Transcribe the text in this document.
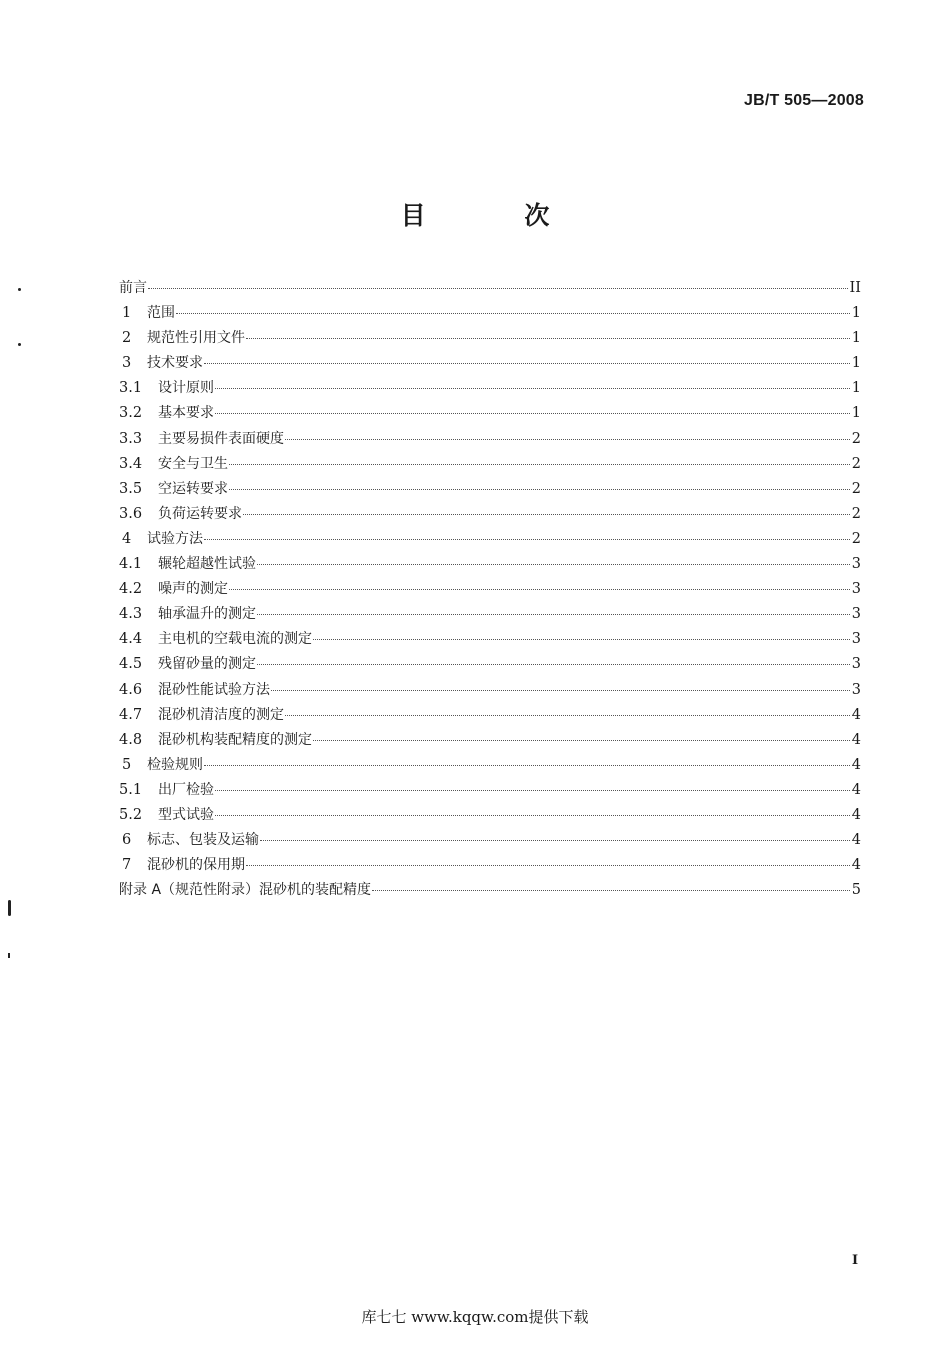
JB/T 505—2008
目 次
前言	II
1	范围	1
2	规范性引用文件	1
3	技术要求	1
3.1	设计原则	1
3.2	基本要求	1
3.3	主要易损件表面硬度	2
3.4	安全与卫生	2
3.5	空运转要求	2
3.6	负荷运转要求	2
4	试验方法	2
4.1	辗轮超越性试验	3
4.2	噪声的测定	3
4.3	轴承温升的测定	3
4.4	主电机的空载电流的测定	3
4.5	残留砂量的测定	3
4.6	混砂性能试验方法	3
4.7	混砂机清洁度的测定	4
4.8	混砂机构装配精度的测定	4
5	检验规则	4
5.1	出厂检验	4
5.2	型式试验	4
6	标志、包装及运输	4
7	混砂机的保用期	4
附录 A（规范性附录）混砂机的装配精度	5
I
库七七 www.kqqw.com提供下载
